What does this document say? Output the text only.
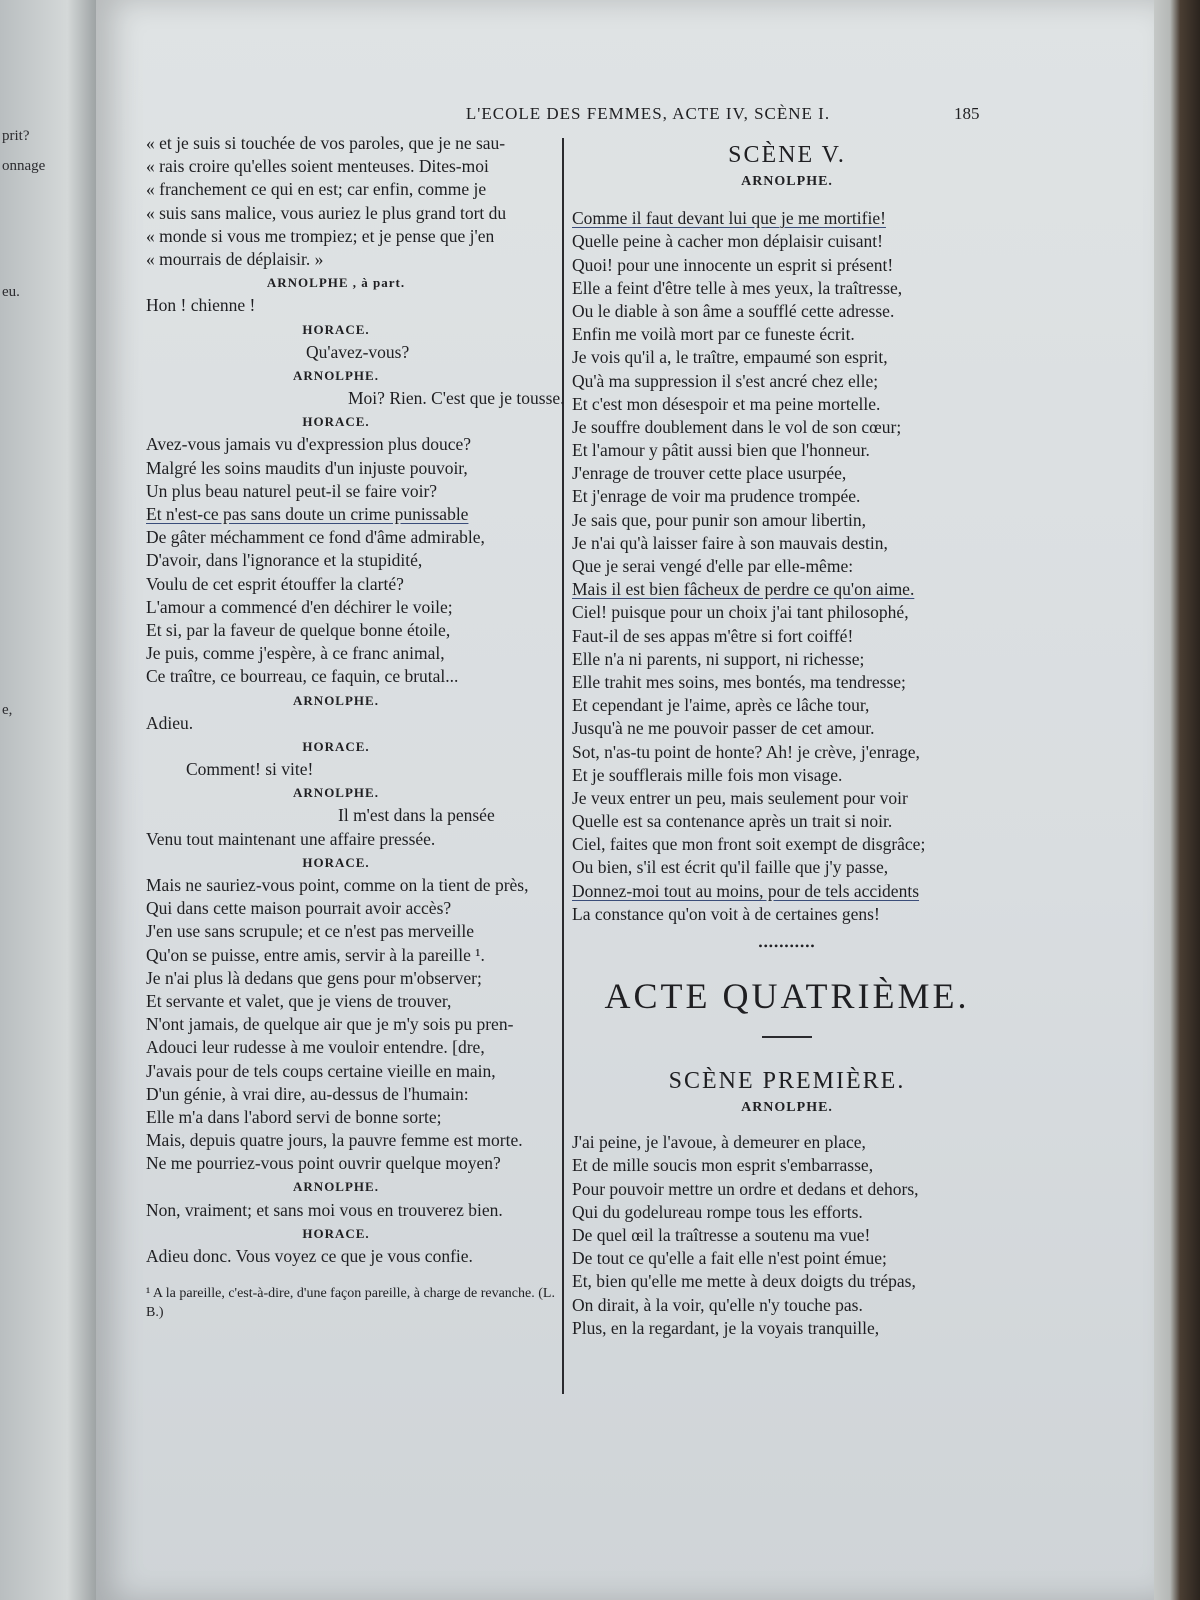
prit?
onnage
eu.
e,
L'ECOLE DES FEMMES, ACTE IV, SCÈNE I.	185
« et je suis si touchée de vos paroles, que je ne sau-
« rais croire qu'elles soient menteuses. Dites-moi
« franchement ce qui en est; car enfin, comme je
« suis sans malice, vous auriez le plus grand tort du
« monde si vous me trompiez; et je pense que j'en
« mourrais de déplaisir. »
ARNOLPHE , à part.
Hon ! chienne !
HORACE.
Qu'avez-vous?
ARNOLPHE.
Moi? Rien. C'est que je tousse.
HORACE.
Avez-vous jamais vu d'expression plus douce?
Malgré les soins maudits d'un injuste pouvoir,
Un plus beau naturel peut-il se faire voir?
Et n'est-ce pas sans doute un crime punissable
De gâter méchamment ce fond d'âme admirable,
D'avoir, dans l'ignorance et la stupidité,
Voulu de cet esprit étouffer la clarté?
L'amour a commencé d'en déchirer le voile;
Et si, par la faveur de quelque bonne étoile,
Je puis, comme j'espère, à ce franc animal,
Ce traître, ce bourreau, ce faquin, ce brutal...
ARNOLPHE.
Adieu.
HORACE.
Comment! si vite!
ARNOLPHE.
Il m'est dans la pensée
Venu tout maintenant une affaire pressée.
HORACE.
Mais ne sauriez-vous point, comme on la tient de près,
Qui dans cette maison pourrait avoir accès?
J'en use sans scrupule; et ce n'est pas merveille
Qu'on se puisse, entre amis, servir à la pareille ¹.
Je n'ai plus là dedans que gens pour m'observer;
Et servante et valet, que je viens de trouver,
N'ont jamais, de quelque air que je m'y sois pu pren-
Adouci leur rudesse à me vouloir entendre. [dre,
J'avais pour de tels coups certaine vieille en main,
D'un génie, à vrai dire, au-dessus de l'humain:
Elle m'a dans l'abord servi de bonne sorte;
Mais, depuis quatre jours, la pauvre femme est morte.
Ne me pourriez-vous point ouvrir quelque moyen?
ARNOLPHE.
Non, vraiment; et sans moi vous en trouverez bien.
HORACE.
Adieu donc. Vous voyez ce que je vous confie.
¹ A la pareille, c'est-à-dire, d'une façon pareille, à charge de revanche. (L. B.)
SCÈNE V.
ARNOLPHE.
Comme il faut devant lui que je me mortifie!
Quelle peine à cacher mon déplaisir cuisant!
Quoi! pour une innocente un esprit si présent!
Elle a feint d'être telle à mes yeux, la traîtresse,
Ou le diable à son âme a soufflé cette adresse.
Enfin me voilà mort par ce funeste écrit.
Je vois qu'il a, le traître, empaumé son esprit,
Qu'à ma suppression il s'est ancré chez elle;
Et c'est mon désespoir et ma peine mortelle.
Je souffre doublement dans le vol de son cœur;
Et l'amour y pâtit aussi bien que l'honneur.
J'enrage de trouver cette place usurpée,
Et j'enrage de voir ma prudence trompée.
Je sais que, pour punir son amour libertin,
Je n'ai qu'à laisser faire à son mauvais destin,
Que je serai vengé d'elle par elle-même:
Mais il est bien fâcheux de perdre ce qu'on aime.
Ciel! puisque pour un choix j'ai tant philosophé,
Faut-il de ses appas m'être si fort coiffé!
Elle n'a ni parents, ni support, ni richesse;
Elle trahit mes soins, mes bontés, ma tendresse;
Et cependant je l'aime, après ce lâche tour,
Jusqu'à ne me pouvoir passer de cet amour.
Sot, n'as-tu point de honte? Ah! je crève, j'enrage,
Et je soufflerais mille fois mon visage.
Je veux entrer un peu, mais seulement pour voir
Quelle est sa contenance après un trait si noir.
Ciel, faites que mon front soit exempt de disgrâce;
Ou bien, s'il est écrit qu'il faille que j'y passe,
Donnez-moi tout au moins, pour de tels accidents
La constance qu'on voit à de certaines gens!
•••••••••••
ACTE QUATRIÈME.
SCÈNE PREMIÈRE.
ARNOLPHE.
J'ai peine, je l'avoue, à demeurer en place,
Et de mille soucis mon esprit s'embarrasse,
Pour pouvoir mettre un ordre et dedans et dehors,
Qui du godelureau rompe tous les efforts.
De quel œil la traîtresse a soutenu ma vue!
De tout ce qu'elle a fait elle n'est point émue;
Et, bien qu'elle me mette à deux doigts du trépas,
On dirait, à la voir, qu'elle n'y touche pas.
Plus, en la regardant, je la voyais tranquille,
